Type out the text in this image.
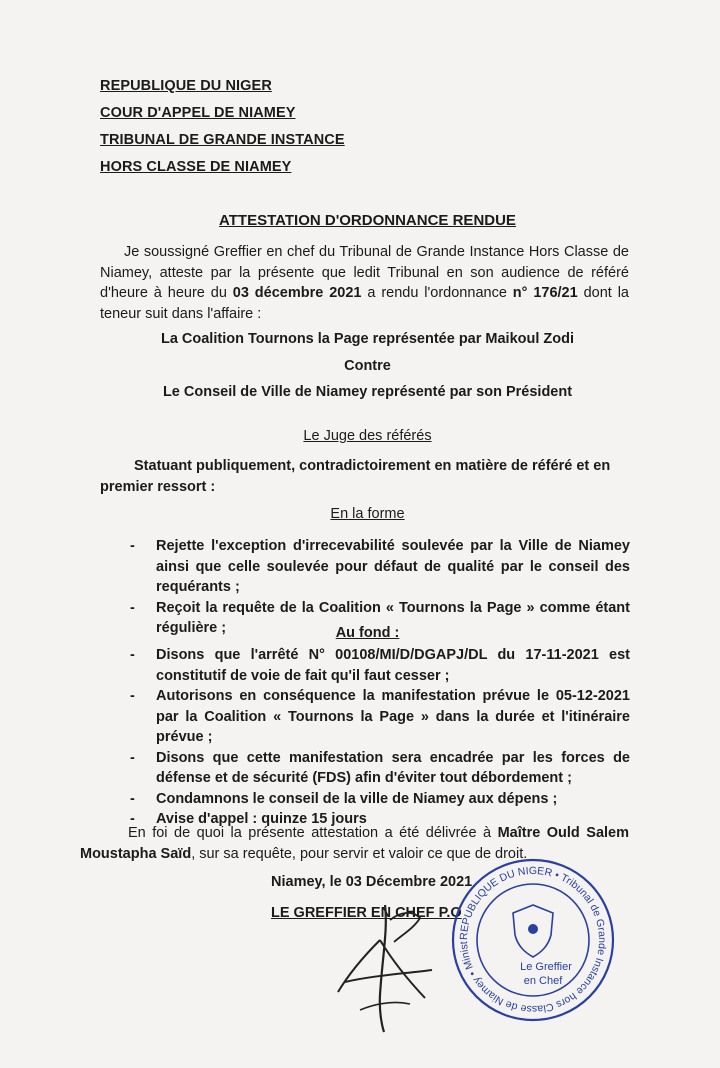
REPUBLIQUE DU NIGER
COUR D'APPEL DE NIAMEY
TRIBUNAL DE GRANDE INSTANCE
HORS CLASSE DE NIAMEY
ATTESTATION D'ORDONNANCE RENDUE
Je soussigné Greffier en chef du Tribunal de Grande Instance Hors Classe de Niamey, atteste par la présente que ledit Tribunal en son audience de référé d'heure à heure du 03 décembre 2021 a rendu l'ordonnance n° 176/21 dont la teneur suit dans l'affaire :
La Coalition Tournons la Page représentée par Maikoul Zodi
Contre
Le Conseil de Ville de Niamey représenté par son Président
Le Juge des référés
Statuant publiquement, contradictoirement en matière de référé et en premier ressort :
En la forme
- Rejette l'exception d'irrecevabilité soulevée par la Ville de Niamey ainsi que celle soulevée pour défaut de qualité par le conseil des requérants ;
- Reçoit la requête de la Coalition « Tournons la Page » comme étant régulière ;	Au fond :
- Disons que l'arrêté N° 00108/MI/D/DGAPJ/DL du 17-11-2021 est constitutif de voie de fait qu'il faut cesser ;
- Autorisons en conséquence la manifestation prévue le 05-12-2021 par la Coalition « Tournons la Page » dans la durée et l'itinéraire prévue ;
- Disons que cette manifestation sera encadrée par les forces de défense et de sécurité (FDS) afin d'éviter tout débordement ;
- Condamnons le conseil de la ville de Niamey aux dépens ;
- Avise d'appel : quinze 15 jours
En foi de quoi la présente attestation a été délivrée à Maître Ould Salem Moustapha Saïd, sur sa requête, pour servir et valoir ce que de droit.
Niamey, le 03 Décembre 2021
LE GREFFIER EN CHEF P.O
REPUBLIQUE DU NIGER • Tribunal de Grande Instance hors Classe de Niamey • Minist
Le Greffier
en Chef
